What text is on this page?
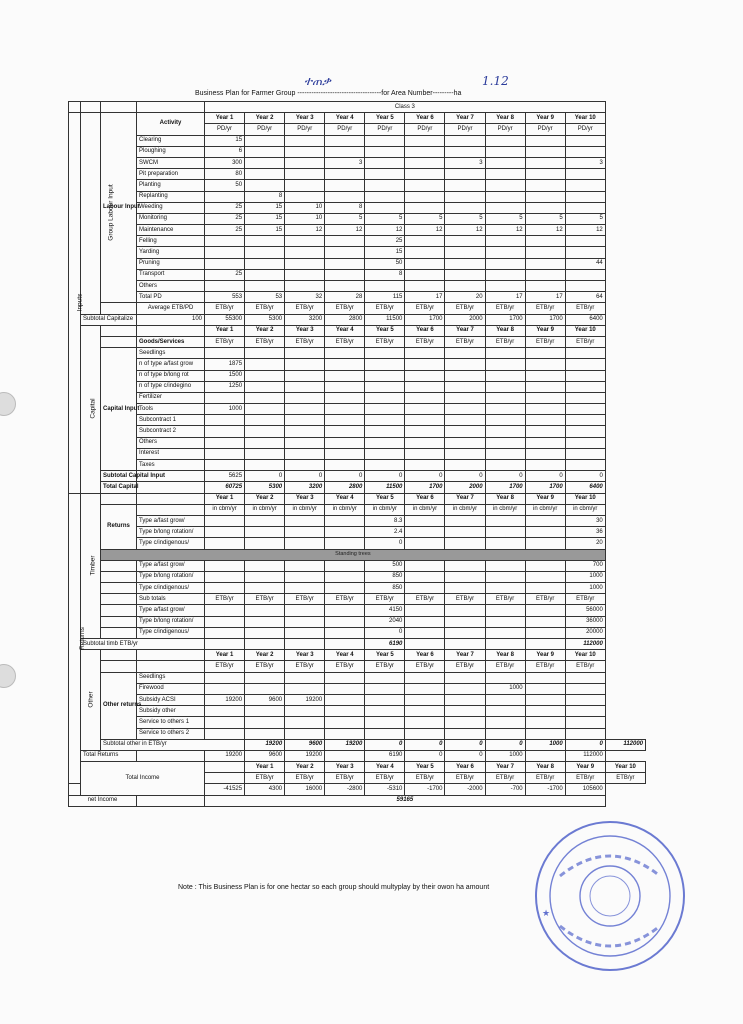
ተጠቃ	1.12
Business Plan for Farmer Group ------------------------------------for Area Number---------ha
				Class 3										
Inputs	Group Labour Input	Labour Input	Activity	Year 1	Year 2	Year 3	Year 4	Year 5	Year 6	Year 7	Year 8	Year 9	Year 10	
				PD/yr	PD/yr	PD/yr	PD/yr	PD/yr	PD/yr	PD/yr	PD/yr	PD/yr	PD/yr	
			Clearing	15										
			Ploughing	6										
			SWCM	300			3			3			3	
			Pit preparation	80										
			Planting	50										
			Replanting		8									
			Weeding	25	15	10	8							
			Monitoring	25	15	10	5	5	5	5	5	5	5	
			Maintenance	25	15	12	12	12	12	12	12	12	12	
			Felling					25						
			Yarding					15						
			Pruning					50					44	
			Transport	25				8						
			Others											
			Total PD	553	53	32	28	115	17	20	17	17	64	
			Average ETB/PD	ETB/yr	ETB/yr	ETB/yr	ETB/yr	ETB/yr	ETB/yr	ETB/yr	ETB/yr	ETB/yr	ETB/yr	
	Subtotal Capitalize		100	55300	5300	3200	2800	11500	1700	2000	1700	1700	6400	
	Capital			Year 1	Year 2	Year 3	Year 4	Year 5	Year 6	Year 7	Year 8	Year 9	Year 10	
			Goods/Services	ETB/yr	ETB/yr	ETB/yr	ETB/yr	ETB/yr	ETB/yr	ETB/yr	ETB/yr	ETB/yr	ETB/yr	
		Capital Input	Seedlings											
			n of type a/fast grow	1875										
			n of type b/long rot	1500										
			n of type c/indegino	1250										
			Fertilizer											
			Tools	1000										
			Subcontract 1											
			Subcontract 2											
			Others											
			Interest											
			Taxes											
		Subtotal Capital Input		5625	0	0	0	0	0	0	0	0	0	
		Total Capital		60725	5300	3200	2800	11500	1700	2000	1700	1700	6400	
Returns	Timber			Year 1	Year 2	Year 3	Year 4	Year 5	Year 6	Year 7	Year 8	Year 9	Year 10	
		Returns		in cbm/yr	in cbm/yr	in cbm/yr	in cbm/yr	in cbm/yr	in cbm/yr	in cbm/yr	in cbm/yr	in cbm/yr	in cbm/yr	
			Type a/fast grow/					8.3					30	
			Type b/long rotation/					2.4					36	
			Type c/indigenous/					0					20	
		Standing trees												
			Type a/fast grow/					500					700	
			Type b/long rotation/					850					1000	
			Type c/indigenous/					850					1000	
			Sub totals	ETB/yr	ETB/yr	ETB/yr	ETB/yr	ETB/yr	ETB/yr	ETB/yr	ETB/yr	ETB/yr	ETB/yr	
			Type a/fast grow/					4150					56000	
			Type b/long rotation/					2040					36000	
			Type c/indigenous/					0					20000	
	Subtotal timb ETB/yr							6190					112000	
	Other			Year 1	Year 2	Year 3	Year 4	Year 5	Year 6	Year 7	Year 8	Year 9	Year 10	
				ETB/yr	ETB/yr	ETB/yr	ETB/yr	ETB/yr	ETB/yr	ETB/yr	ETB/yr	ETB/yr	ETB/yr	
		Other returns	Seedlings											
			Firewood								1000			
			Subsidy ACSI	19200	9600	19200								
			Subsidy other											
			Service to others 1											
			Service to others 2											
		Subtotal other in ETB/yr			19200	9600	19200	0	0	0	0	1000	0	112000
	Total Returns			19200	9600	19200		6190	0	0	1000		112000	
	Total Income				Year 1	Year 2	Year 3	Year 4	Year 5	Year 6	Year 7	Year 8	Year 9	Year 10
					ETB/yr	ETB/yr	ETB/yr	ETB/yr	ETB/yr	ETB/yr	ETB/yr	ETB/yr	ETB/yr	ETB/yr
				-41525	4300	16000	-2800	-5310	-1700	-2000	-700	-1700	105600	
net Income				59165										
Note : This Business Plan is for one hectar so each group should multyplay by their owon ha amount
★
